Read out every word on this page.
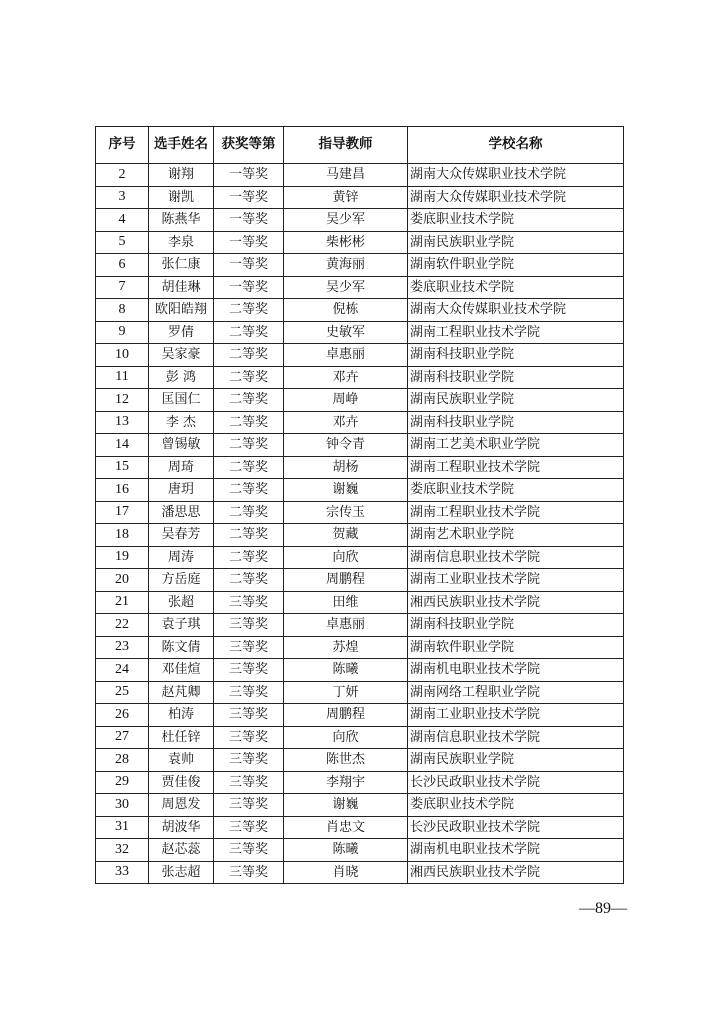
序号	选手姓名	获奖等第	指导教师	学校名称
2	谢翔	一等奖	马建昌	湖南大众传媒职业技术学院
3	谢凯	一等奖	黄锌	湖南大众传媒职业技术学院
4	陈燕华	一等奖	吴少军	娄底职业技术学院
5	李泉	一等奖	柴彬彬	湖南民族职业学院
6	张仁康	一等奖	黄海丽	湖南软件职业学院
7	胡佳琳	一等奖	吴少军	娄底职业技术学院
8	欧阳皓翔	二等奖	倪栋	湖南大众传媒职业技术学院
9	罗倩	二等奖	史敏军	湖南工程职业技术学院
10	吴家豪	二等奖	卓惠丽	湖南科技职业学院
11	彭 鸿	二等奖	邓卉	湖南科技职业学院
12	匡国仁	二等奖	周峥	湖南民族职业学院
13	李 杰	二等奖	邓卉	湖南科技职业学院
14	曾锡敏	二等奖	钟令青	湖南工艺美术职业学院
15	周琦	二等奖	胡杨	湖南工程职业技术学院
16	唐玥	二等奖	谢巍	娄底职业技术学院
17	潘思思	二等奖	宗传玉	湖南工程职业技术学院
18	吴春芳	二等奖	贺藏	湖南艺术职业学院
19	周涛	二等奖	向欣	湖南信息职业技术学院
20	方岳庭	二等奖	周鹏程	湖南工业职业技术学院
21	张超	三等奖	田维	湘西民族职业技术学院
22	袁子琪	三等奖	卓惠丽	湖南科技职业学院
23	陈文倩	三等奖	苏煌	湖南软件职业学院
24	邓佳煊	三等奖	陈曦	湖南机电职业技术学院
25	赵芃卿	三等奖	丁妍	湖南网络工程职业学院
26	柏涛	三等奖	周鹏程	湖南工业职业技术学院
27	杜任锌	三等奖	向欣	湖南信息职业技术学院
28	袁帅	三等奖	陈世杰	湖南民族职业学院
29	贾佳俊	三等奖	李翔宇	长沙民政职业技术学院
30	周恩发	三等奖	谢巍	娄底职业技术学院
31	胡波华	三等奖	肖忠文	长沙民政职业技术学院
32	赵芯蕊	三等奖	陈曦	湖南机电职业技术学院
33	张志超	三等奖	肖晓	湘西民族职业技术学院
—89—
